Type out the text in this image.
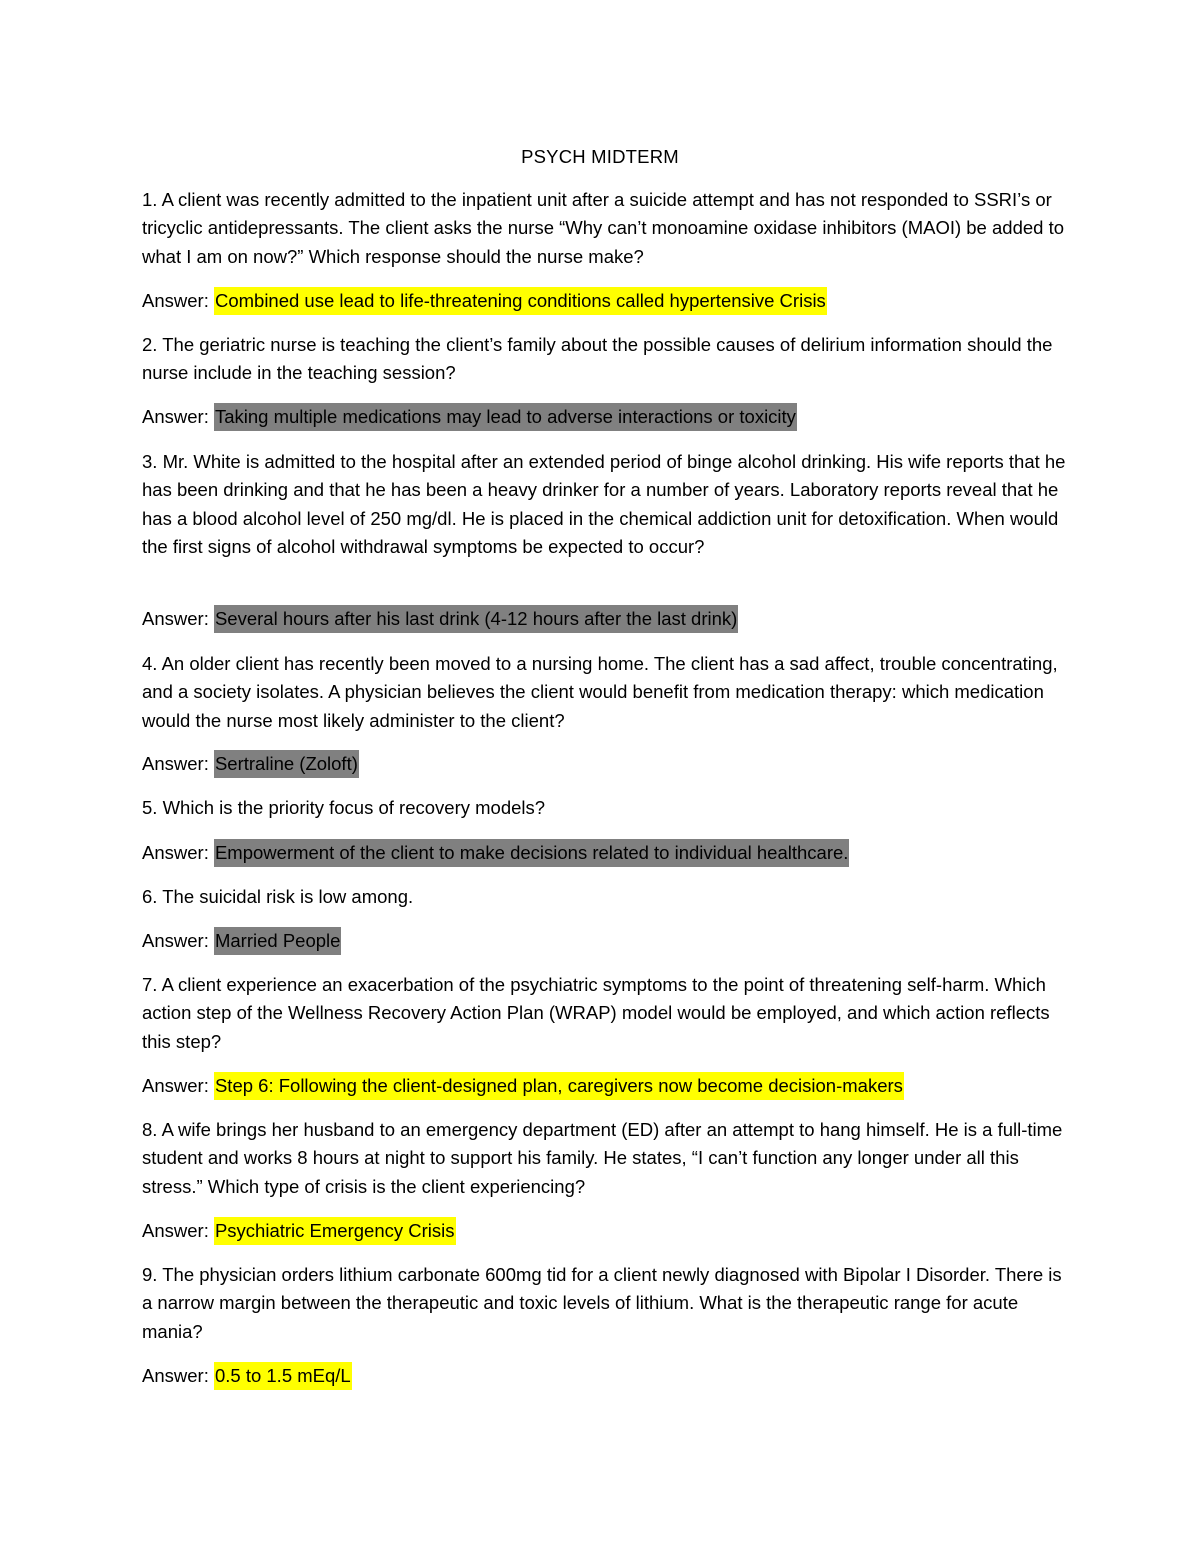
PSYCH MIDTERM
1. A client was recently admitted to the inpatient unit after a suicide attempt and has not responded to SSRI’s or tricyclic antidepressants. The client asks the nurse “Why can’t monoamine oxidase inhibitors (MAOI) be added to what I am on now?” Which response should the nurse make?
Answer: Combined use lead to life-threatening conditions called hypertensive Crisis
2. The geriatric nurse is teaching the client’s family about the possible causes of delirium information should the nurse include in the teaching session?
Answer: Taking multiple medications may lead to adverse interactions or toxicity
3. Mr. White is admitted to the hospital after an extended period of binge alcohol drinking. His wife reports that he has been drinking and that he has been a heavy drinker for a number of years. Laboratory reports reveal that he has a blood alcohol level of 250 mg/dl. He is placed in the chemical addiction unit for detoxification. When would the first signs of alcohol withdrawal symptoms be expected to occur?
Answer: Several hours after his last drink (4-12 hours after the last drink)
4. An older client has recently been moved to a nursing home. The client has a sad affect, trouble concentrating, and a society isolates. A physician believes the client would benefit from medication therapy: which medication would the nurse most likely administer to the client?
Answer: Sertraline (Zoloft)
5. Which is the priority focus of recovery models?
Answer: Empowerment of the client to make decisions related to individual healthcare.
6. The suicidal risk is low among.
Answer: Married People
7. A client experience an exacerbation of the psychiatric symptoms to the point of threatening self-harm. Which action step of the Wellness Recovery Action Plan (WRAP) model would be employed, and which action reflects this step?
Answer: Step 6: Following the client-designed plan, caregivers now become decision-makers
8. A wife brings her husband to an emergency department (ED) after an attempt to hang himself. He is a full-time student and works 8 hours at night to support his family. He states, “I can’t function any longer under all this stress.” Which type of crisis is the client experiencing?
Answer: Psychiatric Emergency Crisis
9. The physician orders lithium carbonate 600mg tid for a client newly diagnosed with Bipolar I Disorder. There is a narrow margin between the therapeutic and toxic levels of lithium. What is the therapeutic range for acute mania?
Answer: 0.5 to 1.5 mEq/L
